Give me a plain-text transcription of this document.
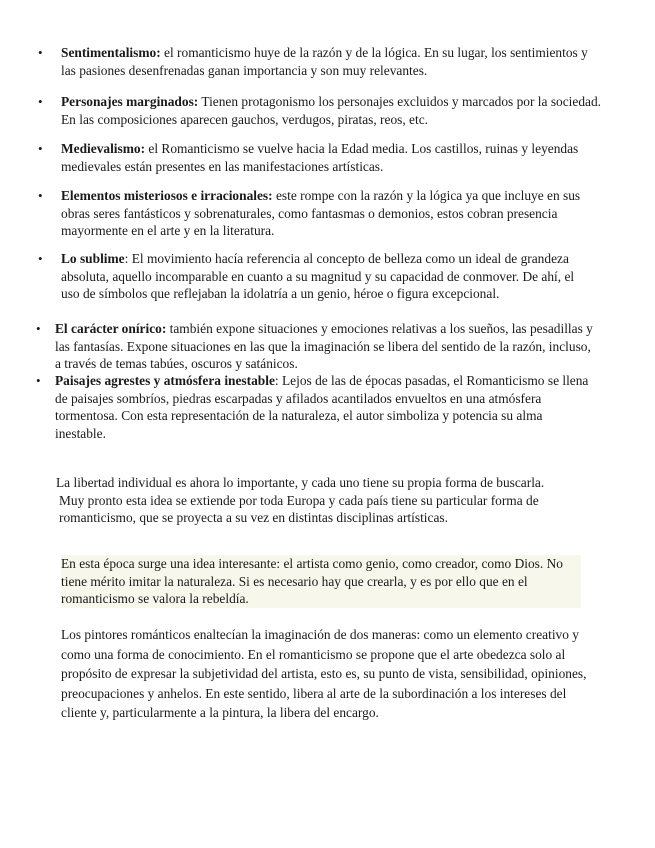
• Sentimentalismo: el romanticismo huye de la razón y de la lógica. En su lugar, los sentimientos y las pasiones desenfrenadas ganan importancia y son muy relevantes.

• Personajes marginados: Tienen protagonismo los personajes excluidos y marcados por la sociedad. En las composiciones aparecen gauchos, verdugos, piratas, reos, etc.

• Medievalismo: el Romanticismo se vuelve hacia la Edad media. Los castillos, ruinas y leyendas medievales están presentes en las manifestaciones artísticas.

• Elementos misteriosos e irracionales: este rompe con la razón y la lógica ya que incluye en sus obras seres fantásticos y sobrenaturales, como fantasmas o demonios, estos cobran presencia mayormente en el arte y en la literatura.

• Lo sublime: El movimiento hacía referencia al concepto de belleza como un ideal de grandeza absoluta, aquello incomparable en cuanto a su magnitud y su capacidad de conmover. De ahí, el uso de símbolos que reflejaban la idolatría a un genio, héroe o figura excepcional.

• El carácter onírico: también expone situaciones y emociones relativas a los sueños, las pesadillas y las fantasías. Expone situaciones en las que la imaginación se libera del sentido de la razón, incluso, a través de temas tabúes, oscuros y satánicos.

• Paisajes agrestes y atmósfera inestable: Lejos de las de épocas pasadas, el Romanticismo se llena de paisajes sombríos, piedras escarpadas y afilados acantilados envueltos en una atmósfera tormentosa. Con esta representación de la naturaleza, el autor simboliza y potencia su alma inestable.

La libertad individual es ahora lo importante, y cada uno tiene su propia forma de buscarla. Muy pronto esta idea se extiende por toda Europa y cada país tiene su particular forma de romanticismo, que se proyecta a su vez en distintas disciplinas artísticas.

En esta época surge una idea interesante: el artista como genio, como creador, como Dios. No tiene mérito imitar la naturaleza. Si es necesario hay que crearla, y es por ello que en el romanticismo se valora la rebeldía.

Los pintores románticos enaltecían la imaginación de dos maneras: como un elemento creativo y como una forma de conocimiento. En el romanticismo se propone que el arte obedezca solo al propósito de expresar la subjetividad del artista, esto es, su punto de vista, sensibilidad, opiniones, preocupaciones y anhelos. En este sentido, libera al arte de la subordinación a los intereses del cliente y, particularmente a la pintura, la libera del encargo.
